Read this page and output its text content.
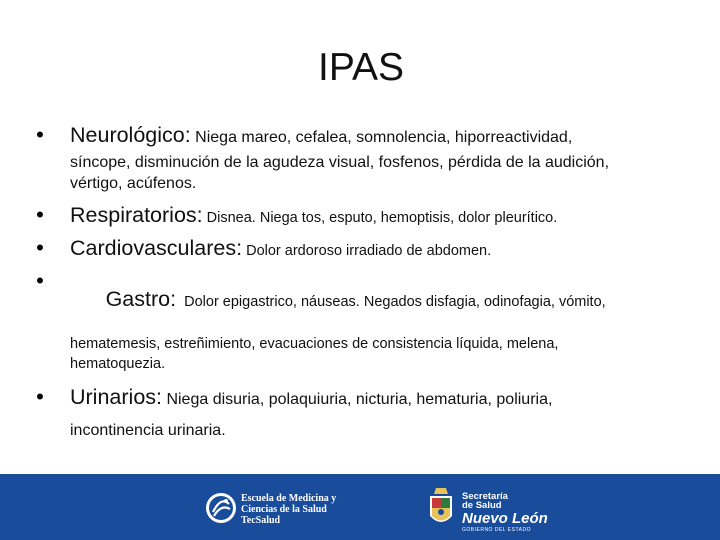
IPAS
• Neurológico: Niega mareo, cefalea, somnolencia, hiporreactividad,
síncope, disminución de la agudeza visual, fosfenos, pérdida de la audición, vértigo, acúfenos.
• Respiratorios: Disnea. Niega tos, esputo, hemoptisis, dolor pleurítico.
• Cardiovasculares: Dolor ardoroso irradiado de abdomen.
•

Gastro:  Dolor epigastrico, náuseas. Negados disfagia, odinofagia, vómito,

hematemesis, estreñimiento, evacuaciones de consistencia líquida, melena, hematoquezia.
• Urinarios: Niega disuria, polaquiuria, nicturia, hematuria, poliuria,
incontinencia urinaria.
Escuela de Medicina y
Ciencias de la Salud
TecSalud
Secretaría
de Salud
Nuevo León
GOBIERNO DEL ESTADO
